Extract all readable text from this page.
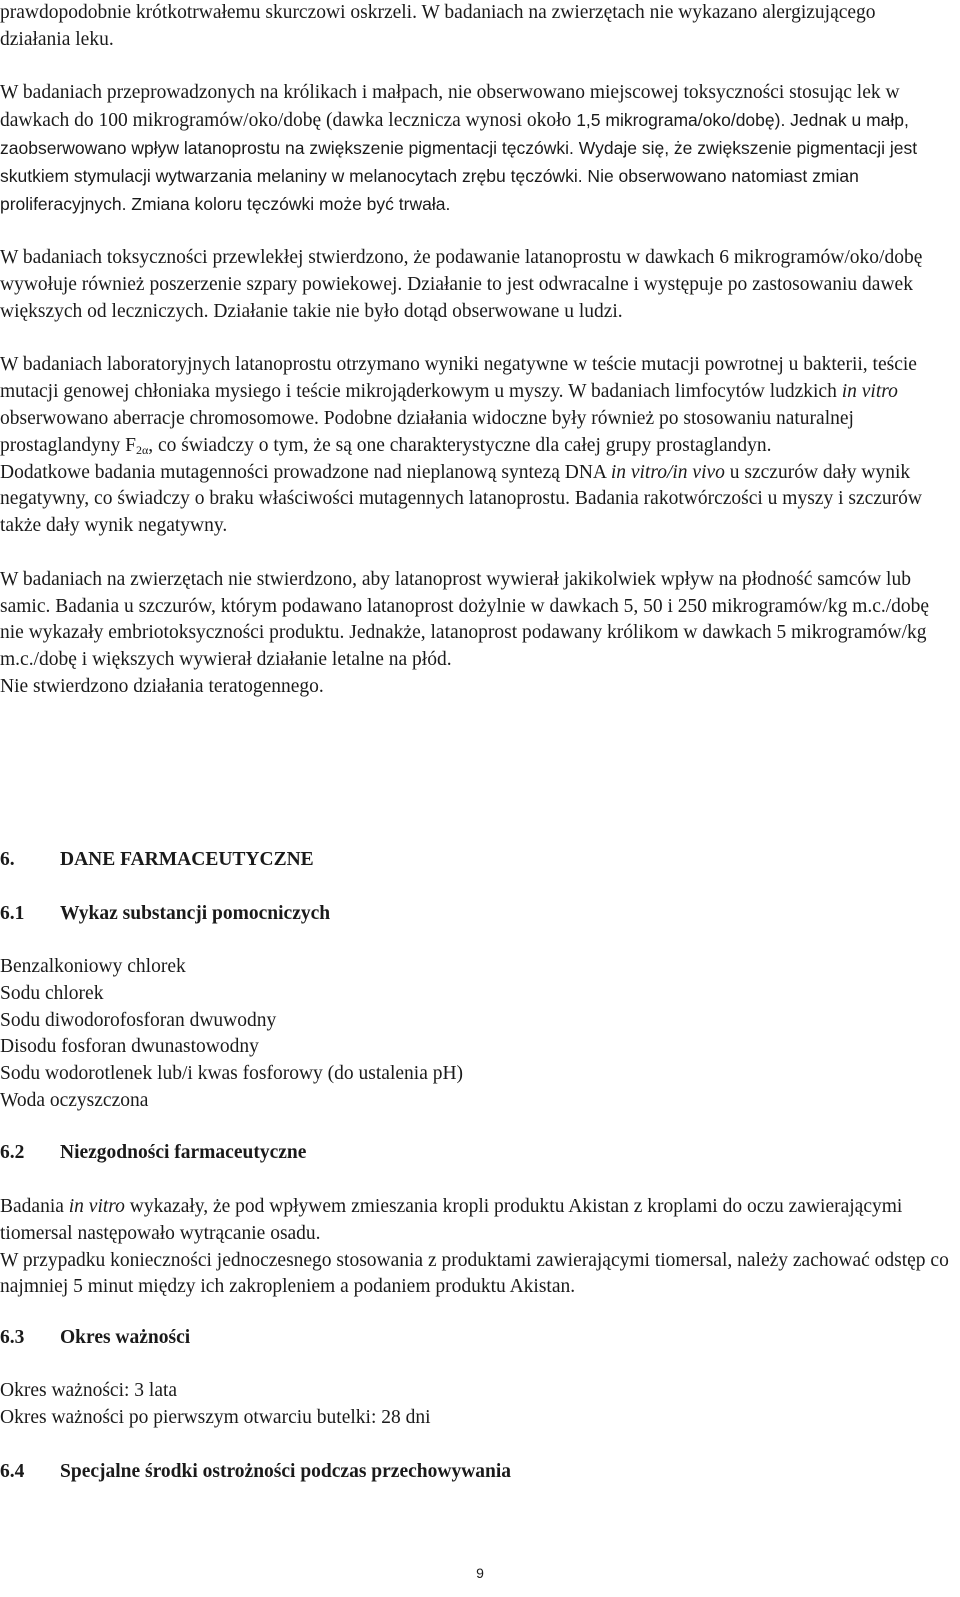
prawdopodobnie krótkotrwałemu skurczowi oskrzeli. W badaniach na zwierzętach nie wykazano alergizującego działania leku.

W badaniach przeprowadzonych na królikach i małpach, nie obserwowano miejscowej toksyczności stosując lek w dawkach do 100 mikrogramów/oko/dobę (dawka lecznicza wynosi około 1,5 mikrograma/oko/dobę). Jednak u małp, zaobserwowano wpływ latanoprostu na zwiększenie pigmentacji tęczówki. Wydaje się, że zwiększenie pigmentacji jest skutkiem stymulacji wytwarzania melaniny w melanocytach zrębu tęczówki. Nie obserwowano natomiast zmian proliferacyjnych. Zmiana koloru tęczówki może być trwała.

W badaniach toksyczności przewlekłej stwierdzono, że podawanie latanoprostu w dawkach 6 mikrogramów/oko/dobę wywołuje również poszerzenie szpary powiekowej. Działanie to jest odwracalne i występuje po zastosowaniu dawek większych od leczniczych. Działanie takie nie było dotąd obserwowane u ludzi.

W badaniach laboratoryjnych latanoprostu otrzymano wyniki negatywne w teście mutacji powrotnej u bakterii, teście mutacji genowej chłoniaka mysiego i teście mikrojąderkowym u myszy. W badaniach limfocytów ludzkich in vitro obserwowano aberracje chromosomowe. Podobne działania widoczne były również po stosowaniu naturalnej prostaglandyny $F_{2\alpha}$, co świadczy o tym, że są one charakterystyczne dla całej grupy prostaglandyn.

Dodatkowe badania mutagenności prowadzone nad nieplanową syntezą DNA in vitro/in vivo u szczurów dały wynik negatywny, co świadczy o braku właściwości mutagennych latanoprostu. Badania rakotwórczości u myszy i szczurów także dały wynik negatywny.

W badaniach na zwierzętach nie stwierdzono, aby latanoprost wywierał jakikolwiek wpływ na płodność samców lub samic. Badania u szczurów, którym podawano latanoprost dożylnie w dawkach 5, 50 i 250 mikrogramów/kg m.c./dobę nie wykazały embriotoksyczności produktu. Jednakże, latanoprost podawany królikom w dawkach 5 mikrogramów/kg m.c./dobę i większych wywierał działanie letalne na płód.

Nie stwierdzono działania teratogennego.

6. DANE FARMACEUTYCZNE
6.1 Wykaz substancji pomocniczych

Benzalkoniowy chlorek

Sodu chlorek

Sodu diwodorofosforan dwuwodny

Disodu fosforan dwunastowodny

Sodu wodorotlenek lub/i kwas fosforowy (do ustalenia pH)

Woda oczyszczona

6.2 Niezgodności farmaceutyczne

Badania in vitro wykazały, że pod wpływem zmieszania kropli produktu Akistan z kroplami do oczu zawierającymi tiomersal następowało wytrącanie osadu.

W przypadku konieczności jednoczesnego stosowania z produktami zawierającymi tiomersal, należy zachować odstęp co najmniej 5 minut między ich zakropleniem a podaniem produktu Akistan.

6.3 Okres ważności

Okres ważności: 3 lata

Okres ważności po pierwszym otwarciu butelki: 28 dni

6.4 Specjalne środki ostrożności podczas przechowywania
9
